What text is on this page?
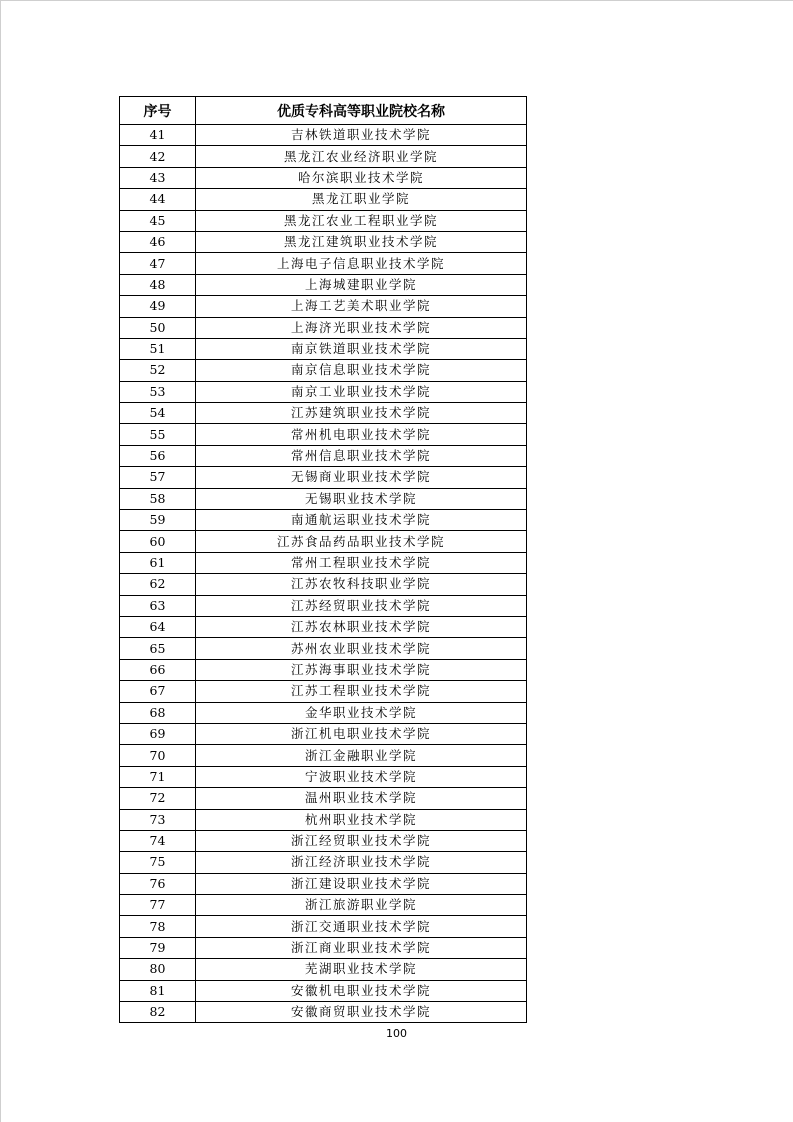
序号	优质专科高等职业院校名称
41	吉林铁道职业技术学院
42	黑龙江农业经济职业学院
43	哈尔滨职业技术学院
44	黑龙江职业学院
45	黑龙江农业工程职业学院
46	黑龙江建筑职业技术学院
47	上海电子信息职业技术学院
48	上海城建职业学院
49	上海工艺美术职业学院
50	上海济光职业技术学院
51	南京铁道职业技术学院
52	南京信息职业技术学院
53	南京工业职业技术学院
54	江苏建筑职业技术学院
55	常州机电职业技术学院
56	常州信息职业技术学院
57	无锡商业职业技术学院
58	无锡职业技术学院
59	南通航运职业技术学院
60	江苏食品药品职业技术学院
61	常州工程职业技术学院
62	江苏农牧科技职业学院
63	江苏经贸职业技术学院
64	江苏农林职业技术学院
65	苏州农业职业技术学院
66	江苏海事职业技术学院
67	江苏工程职业技术学院
68	金华职业技术学院
69	浙江机电职业技术学院
70	浙江金融职业学院
71	宁波职业技术学院
72	温州职业技术学院
73	杭州职业技术学院
74	浙江经贸职业技术学院
75	浙江经济职业技术学院
76	浙江建设职业技术学院
77	浙江旅游职业学院
78	浙江交通职业技术学院
79	浙江商业职业技术学院
80	芜湖职业技术学院
81	安徽机电职业技术学院
82	安徽商贸职业技术学院
100
